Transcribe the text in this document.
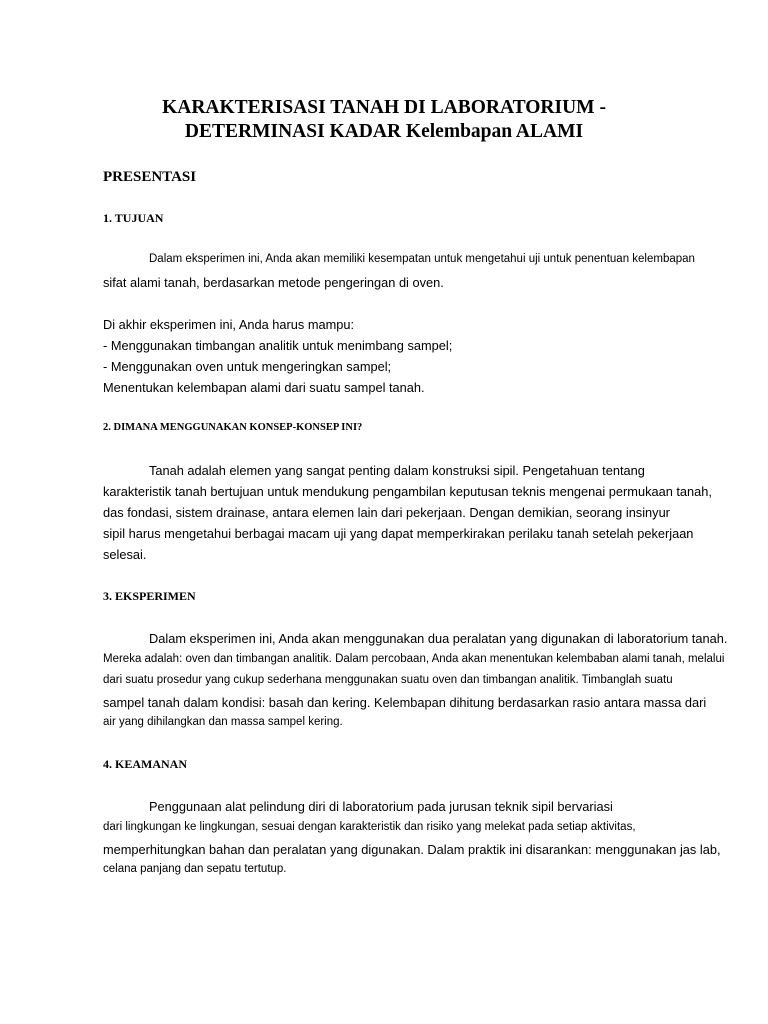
KARAKTERISASI TANAH DI LABORATORIUM -
DETERMINASI KADAR Kelembapan ALAMI
PRESENTASI
1. TUJUAN
Dalam eksperimen ini, Anda akan memiliki kesempatan untuk mengetahui uji untuk penentuan kelembapan
sifat alami tanah, berdasarkan metode pengeringan di oven.
Di akhir eksperimen ini, Anda harus mampu:
- Menggunakan timbangan analitik untuk menimbang sampel;
- Menggunakan oven untuk mengeringkan sampel;
Menentukan kelembapan alami dari suatu sampel tanah.
2. DIMANA MENGGUNAKAN KONSEP-KONSEP INI?
Tanah adalah elemen yang sangat penting dalam konstruksi sipil. Pengetahuan tentang
karakteristik tanah bertujuan untuk mendukung pengambilan keputusan teknis mengenai permukaan tanah,
das fondasi, sistem drainase, antara elemen lain dari pekerjaan. Dengan demikian, seorang insinyur
sipil harus mengetahui berbagai macam uji yang dapat memperkirakan perilaku tanah setelah pekerjaan
selesai.
3. EKSPERIMEN
Dalam eksperimen ini, Anda akan menggunakan dua peralatan yang digunakan di laboratorium tanah.
Mereka adalah: oven dan timbangan analitik. Dalam percobaan, Anda akan menentukan kelembaban alami tanah, melalui
dari suatu prosedur yang cukup sederhana menggunakan suatu oven dan timbangan analitik. Timbanglah suatu
sampel tanah dalam kondisi: basah dan kering. Kelembapan dihitung berdasarkan rasio antara massa dari
air yang dihilangkan dan massa sampel kering.
4. KEAMANAN
Penggunaan alat pelindung diri di laboratorium pada jurusan teknik sipil bervariasi
dari lingkungan ke lingkungan, sesuai dengan karakteristik dan risiko yang melekat pada setiap aktivitas,
memperhitungkan bahan dan peralatan yang digunakan. Dalam praktik ini disarankan: menggunakan jas lab,
celana panjang dan sepatu tertutup.
